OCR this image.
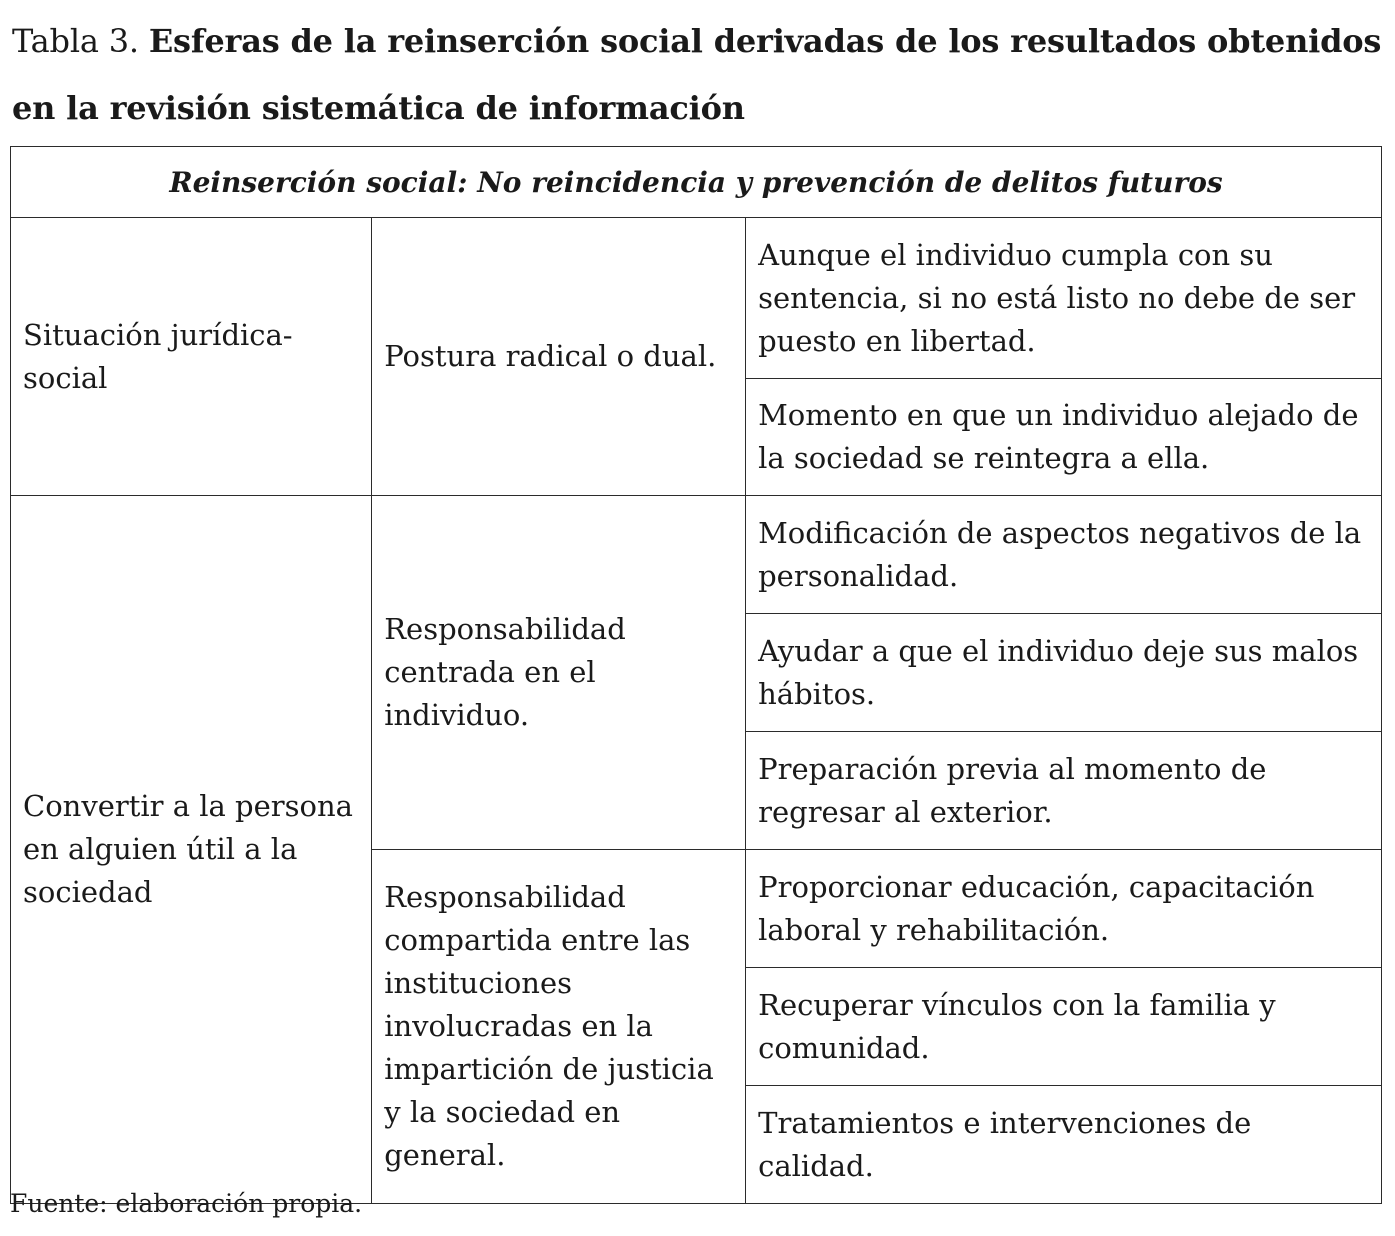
Tabla 3. Esferas de la reinserción social derivadas de los resultados obtenidos en la revisión sistemática de información
Reinserción social: No reincidencia y prevención de delitos futuros		
Situación jurídica-social	Postura radical o dual.	Aunque el individuo cumpla con su sentencia, si no está listo no debe de ser puesto en libertad.
		Momento en que un individuo alejado de la sociedad se reintegra a ella.
Convertir a la persona en alguien útil a la sociedad	Responsabilidad centrada en el individuo.	Modificación de aspectos negativos de la personalidad.
		Ayudar a que el individuo deje sus malos hábitos.
		Preparación previa al momento de regresar al exterior.
	Responsabilidad compartida entre las instituciones involucradas en la impartición de justicia y la sociedad en general.	Proporcionar educación, capacitación laboral y rehabilitación.
		Recuperar vínculos con la familia y comunidad.
		Tratamientos e intervenciones de calidad.
Fuente: elaboración propia.
